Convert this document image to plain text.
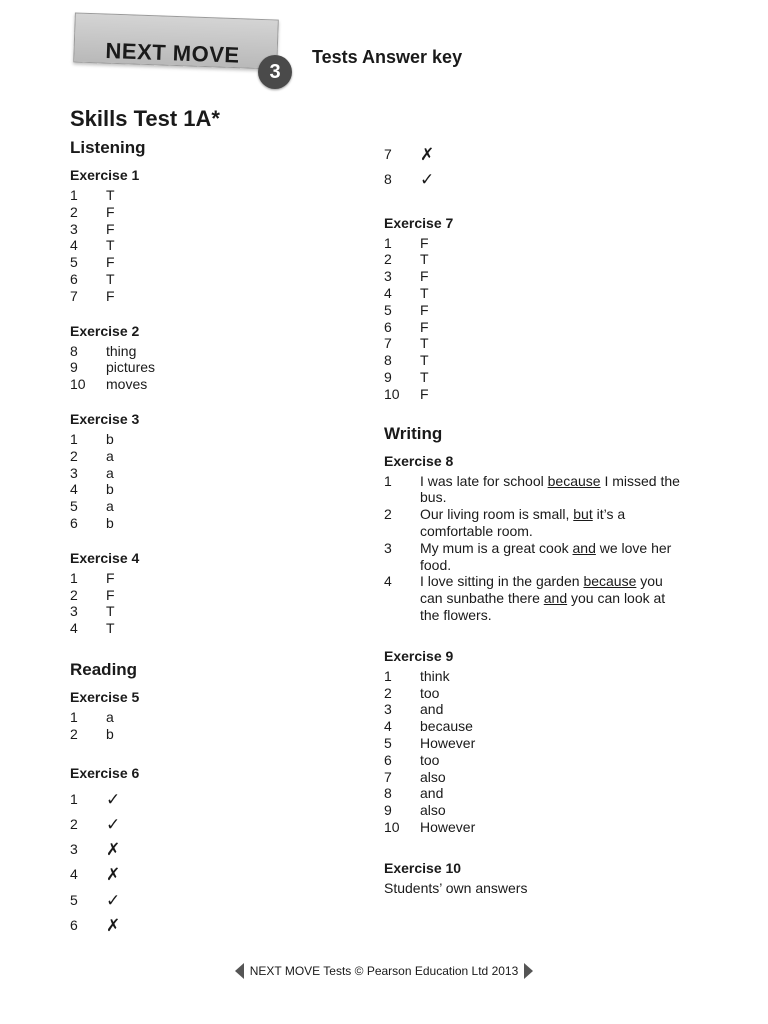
NEXT MOVE
3
Tests Answer key
Skills Test 1A*
Listening
Exercise 1
1	T
2	F
3	F
4	T
5	F
6	T
7	F
Exercise 2
8	thing
9	pictures
10	moves
Exercise 3
1	b
2	a
3	a
4	b
5	a
6	b
Exercise 4
1	F
2	F
3	T
4	T
Reading
Exercise 5
1	a
2	b
Exercise 6
1	✓
2	✓
3	✗
4	✗
5	✓
6	✗
7	✗
8	✓
Exercise 7
1	F
2	T
3	F
4	T
5	F
6	F
7	T
8	T
9	T
10	F
Writing
Exercise 8
1	I was late for school because I missed the bus.
2	Our living room is small, but it’s a comfortable room.
3	My mum is a great cook and we love her food.
4	I love sitting in the garden because you can sunbathe there and you can look at the flowers.
Exercise 9
1	think
2	too
3	and
4	because
5	However
6	too
7	also
8	and
9	also
10	However
Exercise 10
Students’ own answers
NEXT MOVE Tests © Pearson Education Ltd 2013
